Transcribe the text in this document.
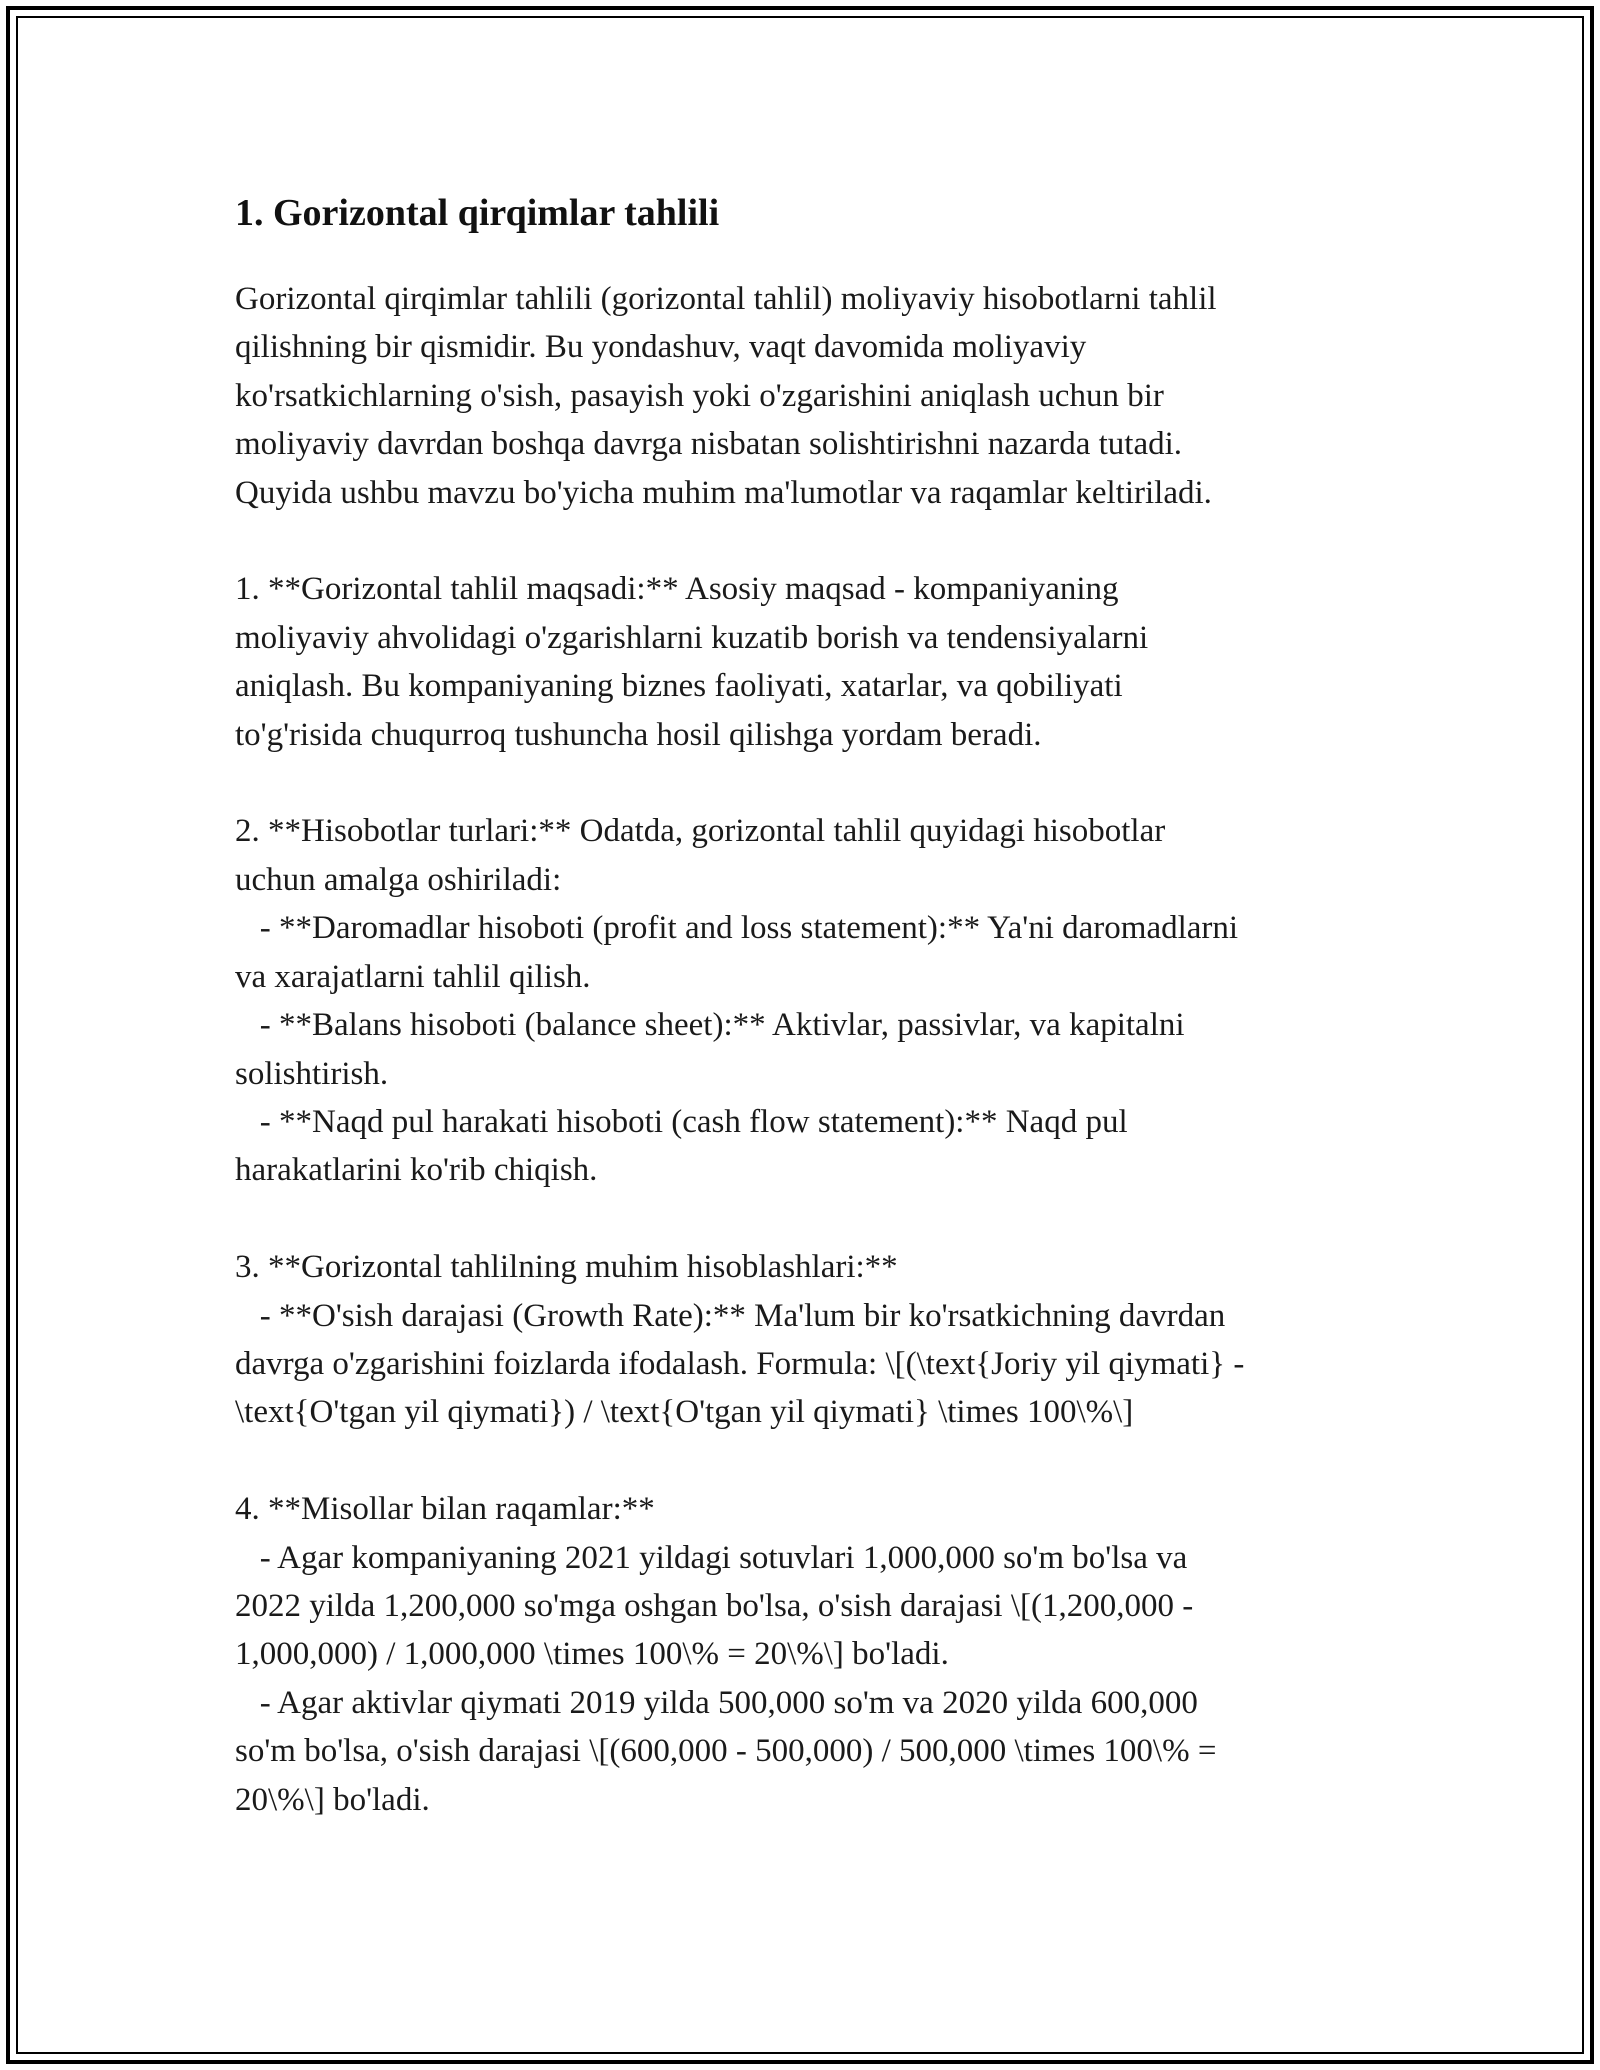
1. Gorizontal qirqimlar tahlili

Gorizontal qirqimlar tahlili (gorizontal tahlil) moliyaviy hisobotlarni tahlil
qilishning bir qismidir. Bu yondashuv, vaqt davomida moliyaviy
ko'rsatkichlarning o'sish, pasayish yoki o'zgarishini aniqlash uchun bir
moliyaviy davrdan boshqa davrga nisbatan solishtirishni nazarda tutadi.
Quyida ushbu mavzu bo'yicha muhim ma'lumotlar va raqamlar keltiriladi.

1. **Gorizontal tahlil maqsadi:** Asosiy maqsad - kompaniyaning
moliyaviy ahvolidagi o'zgarishlarni kuzatib borish va tendensiyalarni
aniqlash. Bu kompaniyaning biznes faoliyati, xatarlar, va qobiliyati
to'g'risida chuqurroq tushuncha hosil qilishga yordam beradi.

2. **Hisobotlar turlari:** Odatda, gorizontal tahlil quyidagi hisobotlar
uchun amalga oshiriladi:
- **Daromadlar hisoboti (profit and loss statement):** Ya'ni daromadlarni
va xarajatlarni tahlil qilish.
- **Balans hisoboti (balance sheet):** Aktivlar, passivlar, va kapitalni
solishtirish.
- **Naqd pul harakati hisoboti (cash flow statement):** Naqd pul
harakatlarini ko'rib chiqish.

3. **Gorizontal tahlilning muhim hisoblashlari:**
- **O'sish darajasi (Growth Rate):** Ma'lum bir ko'rsatkichning davrdan
davrga o'zgarishini foizlarda ifodalash. Formula: \[(\text{Joriy yil qiymati} -
\text{O'tgan yil qiymati}) / \text{O'tgan yil qiymati} \times 100\%\]

4. **Misollar bilan raqamlar:**
- Agar kompaniyaning 2021 yildagi sotuvlari 1,000,000 so'm bo'lsa va
2022 yilda 1,200,000 so'mga oshgan bo'lsa, o'sish darajasi \[(1,200,000 -
1,000,000) / 1,000,000 \times 100\% = 20\%\] bo'ladi.
- Agar aktivlar qiymati 2019 yilda 500,000 so'm va 2020 yilda 600,000
so'm bo'lsa, o'sish darajasi \[(600,000 - 500,000) / 500,000 \times 100\% =
20\%\] bo'ladi.
